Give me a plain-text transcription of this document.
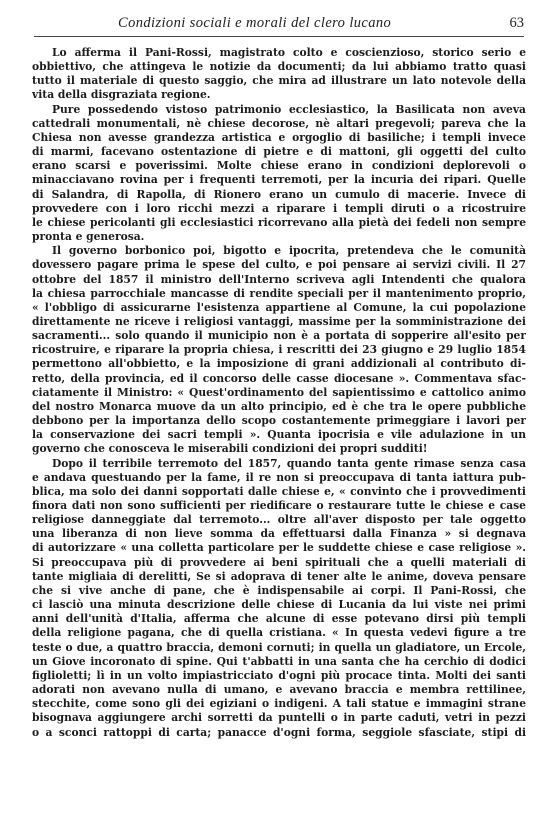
Condizioni sociali e morali del clero lucano	63
Lo afferma il Pani-Rossi, magistrato colto e coscienzioso, storico serio e
obbiettivo, che attingeva le notizie da documenti; da lui abbiamo tratto quasi
tutto il materiale di questo saggio, che mira ad illustrare un lato notevole della
vita della disgraziata regione.
Pure possedendo vistoso patrimonio ecclesiastico, la Basilicata non aveva
cattedrali monumentali, nè chiese decorose, nè altari pregevoli; pareva che la
Chiesa non avesse grandezza artistica e orgoglio di basiliche; i templi invece
di marmi, facevano ostentazione di pietre e di mattoni, gli oggetti del culto
erano scarsi e poverissimi. Molte chiese erano in condizioni deplorevoli o
minacciavano rovina per i frequenti terremoti, per la incuria dei ripari. Quelle
di Salandra, di Rapolla, di Rionero erano un cumulo di macerie. Invece di
provvedere con i loro ricchi mezzi a riparare i templi diruti o a ricostruire
le chiese pericolanti gli ecclesiastici ricorrevano alla pietà dei fedeli non sempre
pronta e generosa.
Il governo borbonico poi, bigotto e ipocrita, pretendeva che le comunità
dovessero pagare prima le spese del culto, e poi pensare ai servizi civili. Il 27
ottobre del 1857 il ministro dell'Interno scriveva agli Intendenti che qualora
la chiesa parrocchiale mancasse di rendite speciali per il mantenimento proprio,
« l'obbligo di assicurarne l'esistenza appartiene al Comune, la cui popolazione
direttamente ne riceve i religiosi vantaggi, massime per la somministrazione dei
sacramenti... solo quando il municipio non è a portata di sopperire all'esito per
ricostruire, e riparare la propria chiesa, i rescritti dei 23 giugno e 29 luglio 1854
permettono all'obbietto, e la imposizione di grani addizionali al contributo di-
retto, della provincia, ed il concorso delle casse diocesane ». Commentava sfac-
ciatamente il Ministro: « Quest'ordinamento del sapientissimo e cattolico animo
del nostro Monarca muove da un alto principio, ed è che tra le opere pubbliche
debbono per la importanza dello scopo costantemente primeggiare i lavori per
la conservazione dei sacri templi ». Quanta ipocrisia e vile adulazione in un
governo che conosceva le miserabili condizioni dei propri sudditi!
Dopo il terribile terremoto del 1857, quando tanta gente rimase senza casa
e andava questuando per la fame, il re non si preoccupava di tanta iattura pub-
blica, ma solo dei danni sopportati dalle chiese e, « convinto che i provvedimenti
finora dati non sono sufficienti per riedificare o restaurare tutte le chiese e case
religiose danneggiate dal terremoto... oltre all'aver disposto per tale oggetto
una liberanza di non lieve somma da effettuarsi dalla Finanza » si degnava
di autorizzare « una colletta particolare per le suddette chiese e case religiose ».
Si preoccupava più di provvedere ai beni spirituali che a quelli materiali di
tante migliaia di derelitti, Se si adoprava di tener alte le anime, doveva pensare
che si vive anche di pane, che è indispensabile ai corpi. Il Pani-Rossi, che
ci lasciò una minuta descrizione delle chiese di Lucania da lui viste nei primi
anni dell'unità d'Italia, afferma che alcune di esse potevano dirsi più templi
della religione pagana, che di quella cristiana. « In questa vedevi figure a tre
teste o due, a quattro braccia, demoni cornuti; in quella un gladiatore, un Ercole,
un Giove incoronato di spine. Qui t'abbatti in una santa che ha cerchio di dodici
figlioletti; lì in un volto impiastricciato d'ogni più procace tinta. Molti dei santi
adorati non avevano nulla di umano, e avevano braccia e membra rettilinee,
stecchite, come sono gli dei egiziani o indigeni. A tali statue e immagini strane
bisognava aggiungere archi sorretti da puntelli o in parte caduti, vetri in pezzi
o a sconci rattoppi di carta; panacce d'ogni forma, seggiole sfasciate, stipi di
